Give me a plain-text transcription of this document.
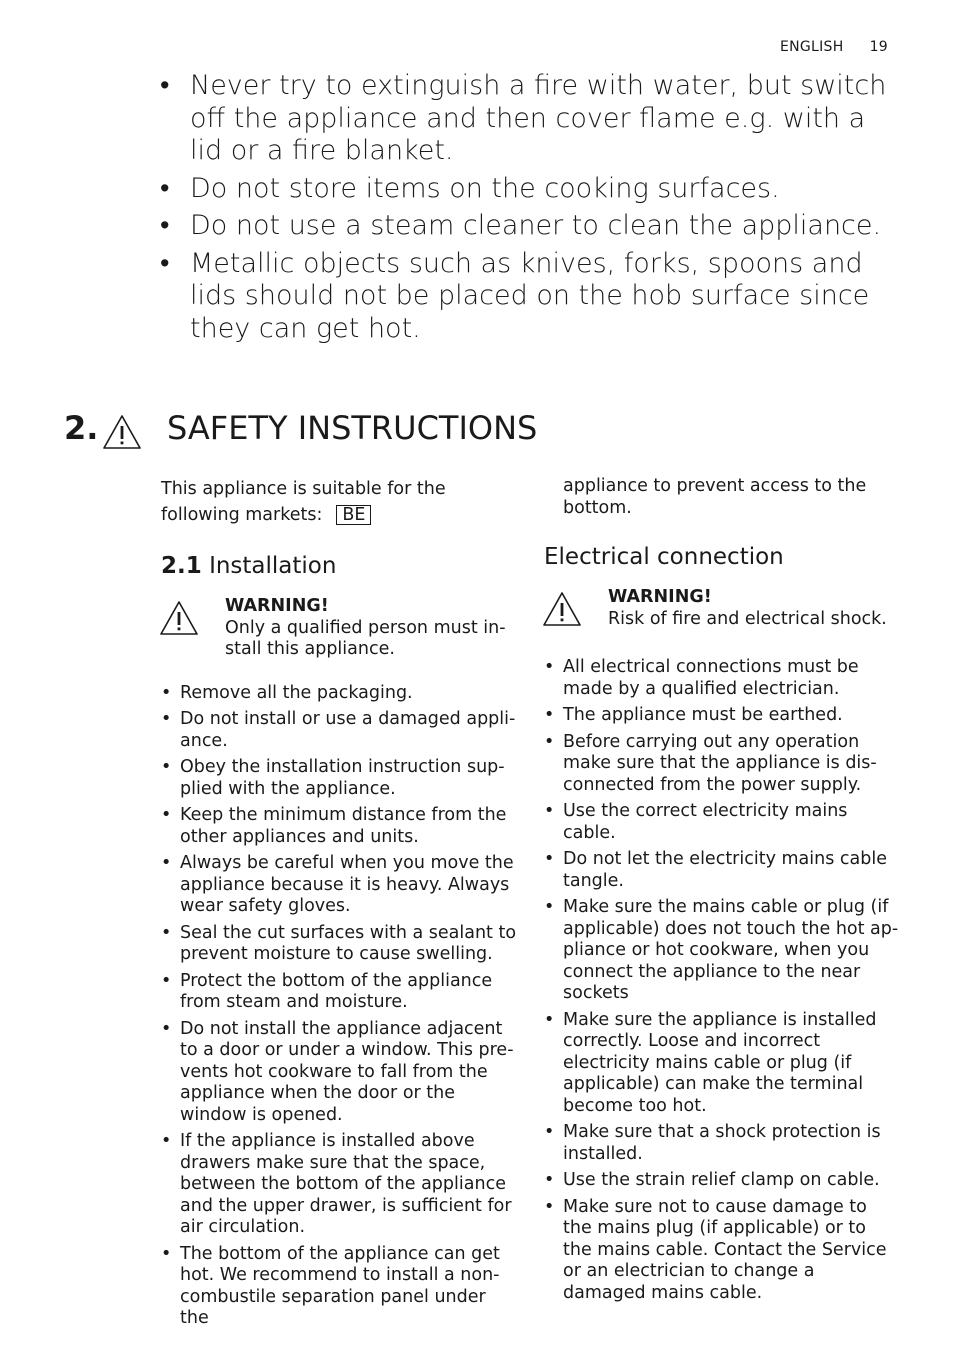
ENGLISH 19
• Never try to extinguish a fire with water, but switch off the appliance and then cover flame e.g. with a lid or a fire blanket.
• Do not store items on the cooking surfaces.
• Do not use a steam cleaner to clean the appliance.
• Metallic objects such as knives, forks, spoons and lids should not be placed on the hob surface since they can get hot.
2. SAFETY INSTRUCTIONS

This appliance is suitable for the following markets: BE

2.1 Installation
WARNING!
Only a qualified person must install this appliance.
• Remove all the packaging.
• Do not install or use a damaged appliance.
• Obey the installation instruction supplied with the appliance.
• Keep the minimum distance from the other appliances and units.
• Always be careful when you move the appliance because it is heavy. Always wear safety gloves.
• Seal the cut surfaces with a sealant to prevent moisture to cause swelling.
• Protect the bottom of the appliance from steam and moisture.
• Do not install the appliance adjacent to a door or under a window. This prevents hot cookware to fall from the appliance when the door or the window is opened.
• If the appliance is installed above drawers make sure that the space, between the bottom of the appliance and the upper drawer, is sufficient for air circulation.
• The bottom of the appliance can get hot. We recommend to install a non-combustile separation panel under the
appliance to prevent access to the bottom.
Electrical connection
WARNING!
Risk of fire and electrical shock.
• All electrical connections must be made by a qualified electrician.
• The appliance must be earthed.
• Before carrying out any operation make sure that the appliance is disconnected from the power supply.
• Use the correct electricity mains cable.
• Do not let the electricity mains cable tangle.
• Make sure the mains cable or plug (if applicable) does not touch the hot appliance or hot cookware, when you connect the appliance to the near sockets
• Make sure the appliance is installed correctly. Loose and incorrect electricity mains cable or plug (if applicable) can make the terminal become too hot.
• Make sure that a shock protection is installed.
• Use the strain relief clamp on cable.
• Make sure not to cause damage to the mains plug (if applicable) or to the mains cable. Contact the Service or an electrician to change a damaged mains cable.
